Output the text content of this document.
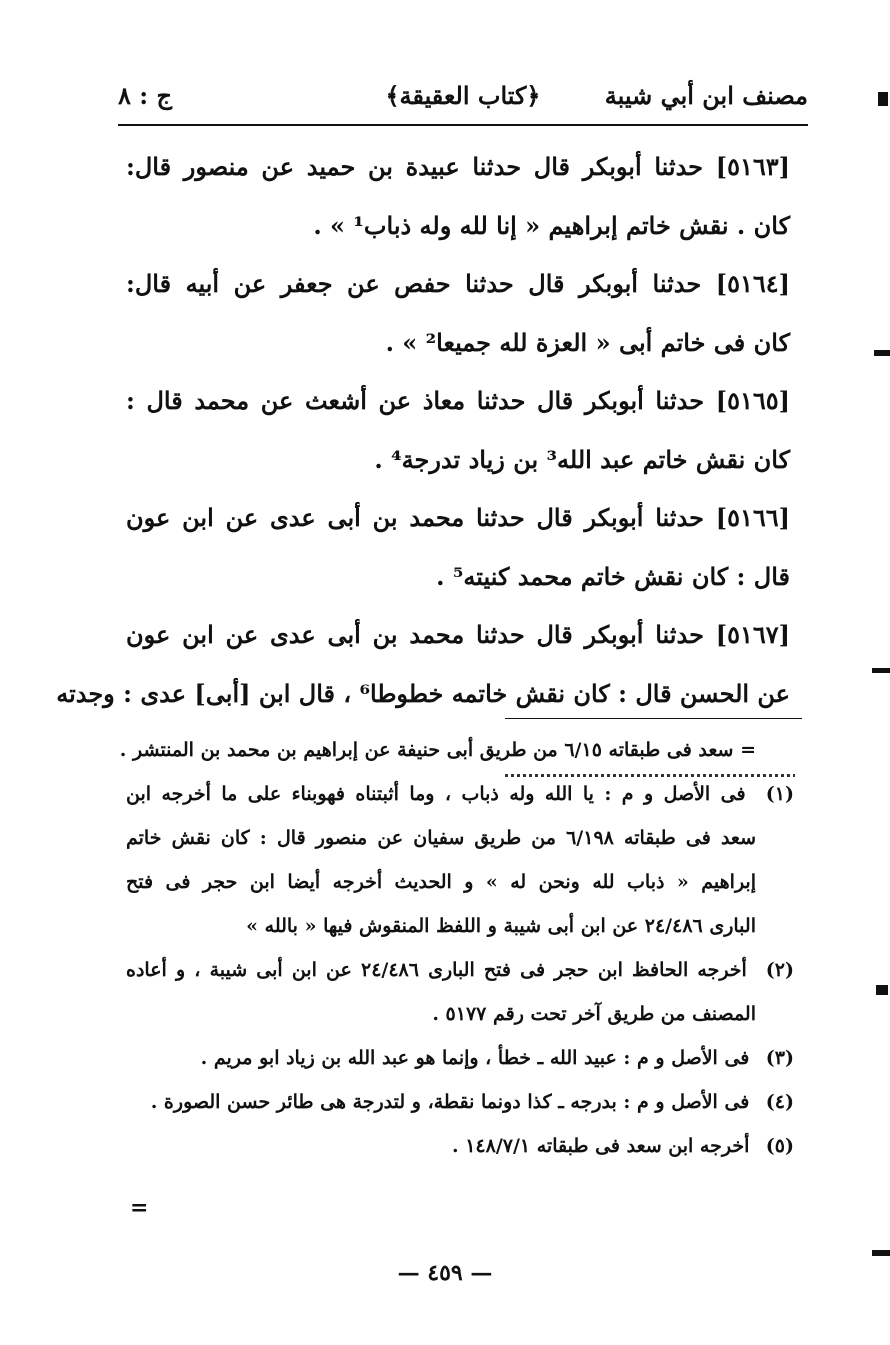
مصنف ابن أبي شيبة
﴿كتاب العقيقة﴾
ج : ٨
[٥١٦٣] حدثنا أبوبكر قال حدثنا عبيدة بن حميد عن منصور قال:
كان . نقش خاتم إبراهيم « إنا لله وله ذباب¹ » .
[٥١٦٤] حدثنا أبوبكر قال حدثنا حفص عن جعفر عن أبيه قال:
كان فى خاتم أبى « العزة لله جميعا² » .
[٥١٦٥] حدثنا أبوبكر قال حدثنا معاذ عن أشعث عن محمد قال :
كان نقش خاتم عبد الله³ بن زياد تدرجة⁴ .
[٥١٦٦] حدثنا أبوبكر قال حدثنا محمد بن أبى عدى عن ابن عون
قال : كان نقش خاتم محمد كنيته⁵ .
[٥١٦٧] حدثنا أبوبكر قال حدثنا محمد بن أبى عدى عن ابن عون
عن الحسن قال : كان نقش خاتمه خطوطا⁶ ، قال ابن [أبى] عدى : وجدته
= سعد فى طبقاته ٦/١٥ من طريق أبى حنيفة عن إبراهيم بن محمد بن المنتشر .
(١) فى الأصل و م : يا الله وله ذباب ، وما أثبتناه فهوبناء على ما أخرجه ابن
سعد فى طبقاته ٦/١٩٨ من طريق سفيان عن منصور قال : كان نقش خاتم
إبراهيم « ذباب لله ونحن له » و الحديث أخرجه أيضا ابن حجر فى فتح
البارى ٢٤/٤٨٦ عن ابن أبى شيبة و اللفظ المنقوش فيها « بالله »
(٢) أخرجه الحافظ ابن حجر فى فتح البارى ٢٤/٤٨٦ عن ابن أبى شيبة ، و أعاده
المصنف من طريق آخر تحت رقم ٥١٧٧ .
(٣) فى الأصل و م : عبيد الله ـ خطأ ، وإنما هو عبد الله بن زياد ابو مريم .
(٤) فى الأصل و م : بدرجه ـ كذا دونما نقطة، و لتدرجة هى طائر حسن الصورة .
(٥) أخرجه ابن سعد فى طبقاته ١٤٨/٧/١ .
=
— ٤٥٩ —
